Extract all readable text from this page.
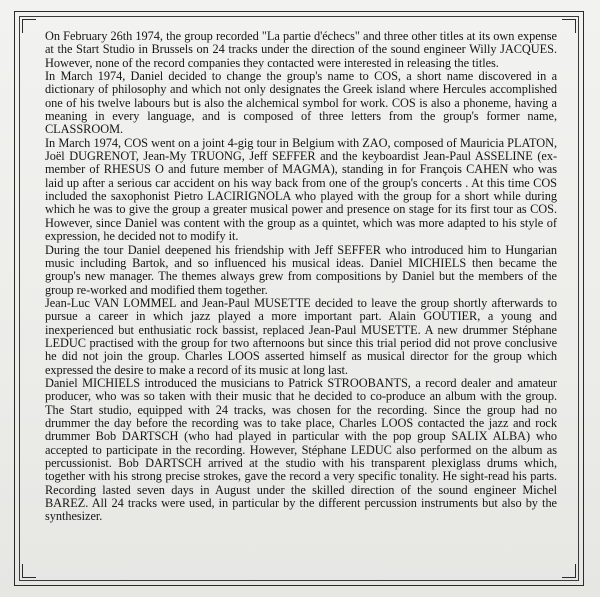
On February 26th 1974, the group recorded "La partie d'échecs" and three other titles at its own expense at the Start Studio in Brussels on 24 tracks under the direction of the sound engineer Willy JACQUES. However, none of the record companies they contacted were interested in releasing the titles.

In March 1974, Daniel decided to change the group's name to COS, a short name discovered in a dictionary of philosophy and which not only designates the Greek island where Hercules accomplished one of his twelve labours but is also the alchemical symbol for work. COS is also a phoneme, having a meaning in every language, and is composed of three letters from the group's former name, CLASSROOM.

In March 1974, COS went on a joint 4-gig tour in Belgium with ZAO, composed of Mauricia PLATON, Joël DUGRENOT, Jean-My TRUONG, Jeff SEFFER and the keyboardist Jean-Paul ASSELINE (ex-member of RHESUS O and future member of MAGMA), standing in for François CAHEN who was laid up after a serious car accident on his way back from one of the group's concerts . At this time COS included the saxophonist Pietro LACIRIGNOLA who played with the group for a short while during which he was to give the group a greater musical power and presence on stage for its first tour as COS. However, since Daniel was content with the group as a quintet, which was more adapted to his style of expression, he decided not to modify it.

During the tour Daniel deepened his friendship with Jeff SEFFER who introduced him to Hungarian music including Bartok, and so influenced his musical ideas. Daniel MICHIELS then became the group's new manager. The themes always grew from compositions by Daniel but the members of the group re-worked and modified them together.

Jean-Luc VAN LOMMEL and Jean-Paul MUSETTE decided to leave the group shortly afterwards to pursue a career in which jazz played a more important part. Alain GOUTIER, a young and inexperienced but enthusiatic rock bassist, replaced Jean-Paul MUSETTE. A new drummer Stéphane LEDUC practised with the group for two afternoons but since this trial period did not prove conclusive he did not join the group. Charles LOOS asserted himself as musical director for the group which expressed the desire to make a record of its music at long last.

Daniel MICHIELS introduced the musicians to Patrick STROOBANTS, a record dealer and amateur producer, who was so taken with their music that he decided to co-produce an album with the group. The Start studio, equipped with 24 tracks, was chosen for the recording. Since the group had no drummer the day before the recording was to take place, Charles LOOS contacted the jazz and rock drummer Bob DARTSCH (who had played in particular with the pop group SALIX ALBA) who accepted to participate in the recording. However, Stéphane LEDUC also performed on the album as percussionist. Bob DARTSCH arrived at the studio with his transparent plexiglass drums which, together with his strong precise strokes, gave the record a very specific tonality. He sight-read his parts. Recording lasted seven days in August under the skilled direction of the sound engineer Michel BAREZ. All 24 tracks were used, in particular by the different percussion instruments but also by the synthesizer.
